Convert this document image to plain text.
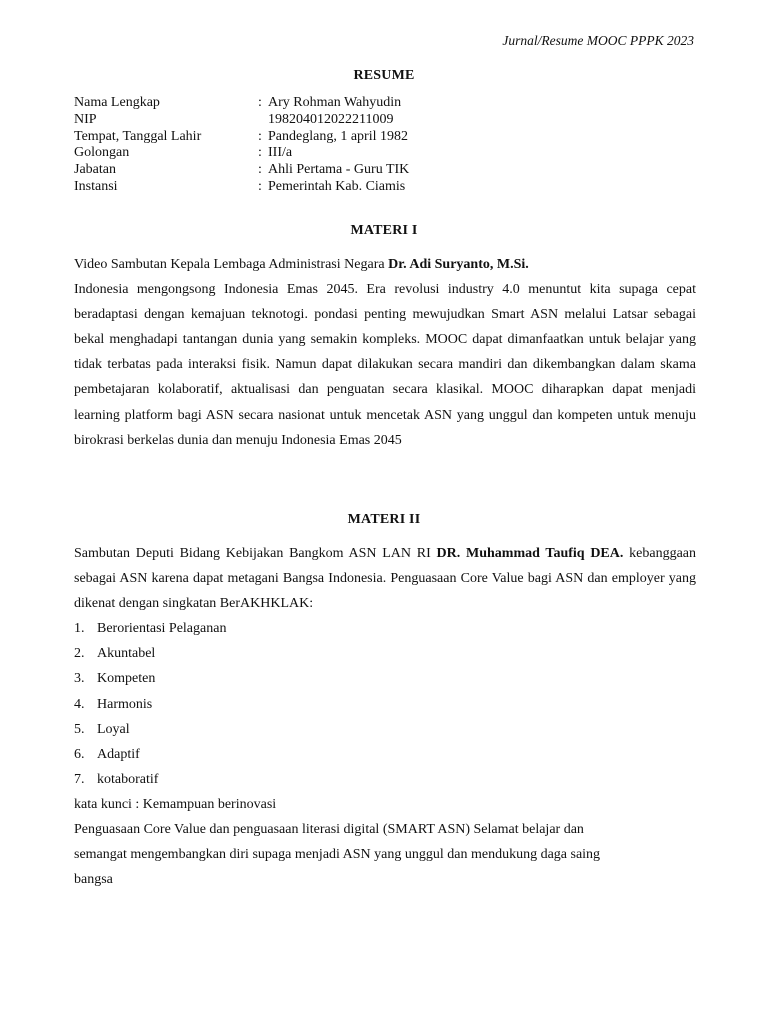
Jurnal/Resume MOOC PPPK 2023
RESUME
Nama Lengkap	: Ary Rohman Wahyudin
NIP	198204012022211009
Tempat, Tanggal Lahir	: Pandeglang, 1 april 1982
Golongan	: III/a
Jabatan	: Ahli Pertama - Guru TIK
Instansi	: Pemerintah Kab. Ciamis
MATERI I

Video Sambutan Kepala Lembaga Administrasi Negara Dr. Adi Suryanto, M.Si.

Indonesia mengongsong Indonesia Emas 2045. Era revolusi industry 4.0 menuntut kita supaga cepat beradaptasi dengan kemajuan teknotogi. pondasi penting mewujudkan Smart ASN melalui Latsar sebagai bekal menghadapi tantangan dunia yang semakin kompleks. MOOC dapat dimanfaatkan untuk belajar yang tidak terbatas pada interaksi fisik. Namun dapat dilakukan secara mandiri dan dikembangkan dalam skama pembetajaran kolaboratif, aktualisasi dan penguatan secara klasikal. MOOC diharapkan dapat menjadi learning platform bagi ASN secara nasionat untuk mencetak ASN yang unggul dan kompeten untuk menuju birokrasi berkelas dunia dan menuju Indonesia Emas 2045

MATERI II

Sambutan Deputi Bidang Kebijakan Bangkom ASN LAN RI DR. Muhammad Taufiq DEA. kebanggaan sebagai ASN karena dapat metagani Bangsa Indonesia. Penguasaan Core Value bagi ASN dan employer yang dikenat dengan singkatan BerAKHKLAK:

1. Berorientasi Pelaganan
2. Akuntabel
3. Kompeten
4. Harmonis
5. Loyal
6. Adaptif
7. kotaboratif

kata kunci : Kemampuan berinovasi

Penguasaan Core Value dan penguasaan literasi digital (SMART ASN) Selamat belajar dan

semangat mengembangkan diri supaga menjadi ASN yang unggul dan mendukung daga saing

bangsa
